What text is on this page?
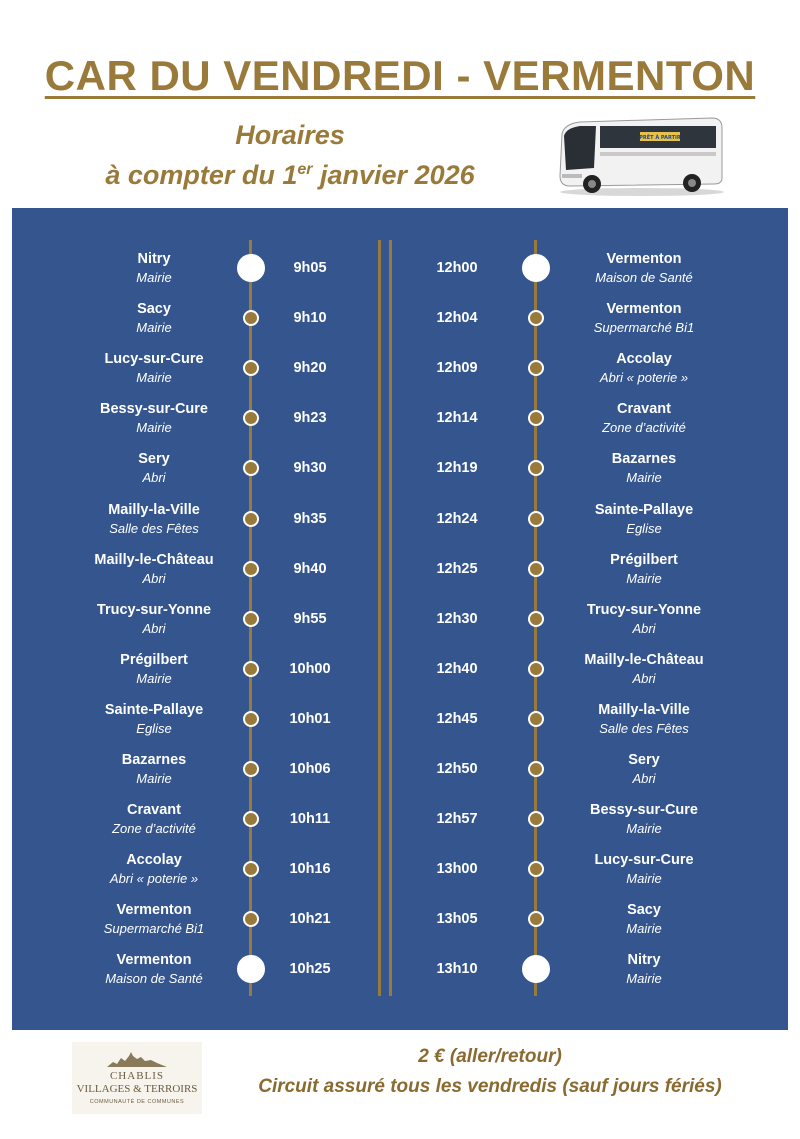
CAR DU VENDREDI - VERMENTON
Horaires
à compter du 1er janvier 2026
PRÊT À PARTIR
Nitry
Mairie
9h05
Sacy
Mairie
9h10
Lucy-sur-Cure
Mairie
9h20
Bessy-sur-Cure
Mairie
9h23
Sery
Abri
9h30
Mailly-la-Ville
Salle des Fêtes
9h35
Mailly-le-Château
Abri
9h40
Trucy-sur-Yonne
Abri
9h55
Prégilbert
Mairie
10h00
Sainte-Pallaye
Eglise
10h01
Bazarnes
Mairie
10h06
Cravant
Zone d’activité
10h11
Accolay
Abri « poterie »
10h16
Vermenton
Supermarché Bi1
10h21
Vermenton
Maison de Santé
10h25
Vermenton
Maison de Santé
12h00
Vermenton
Supermarché Bi1
12h04
Accolay
Abri « poterie »
12h09
Cravant
Zone d’activité
12h14
Bazarnes
Mairie
12h19
Sainte-Pallaye
Eglise
12h24
Prégilbert
Mairie
12h25
Trucy-sur-Yonne
Abri
12h30
Mailly-le-Château
Abri
12h40
Mailly-la-Ville
Salle des Fêtes
12h45
Sery
Abri
12h50
Bessy-sur-Cure
Mairie
12h57
Lucy-sur-Cure
Mairie
13h00
Sacy
Mairie
13h05
Nitry
Mairie
13h10
CHABLIS
VILLAGES & TERROIRS
COMMUNAUTÉ DE COMMUNES
2 € (aller/retour)
Circuit assuré tous les vendredis (sauf jours fériés)
